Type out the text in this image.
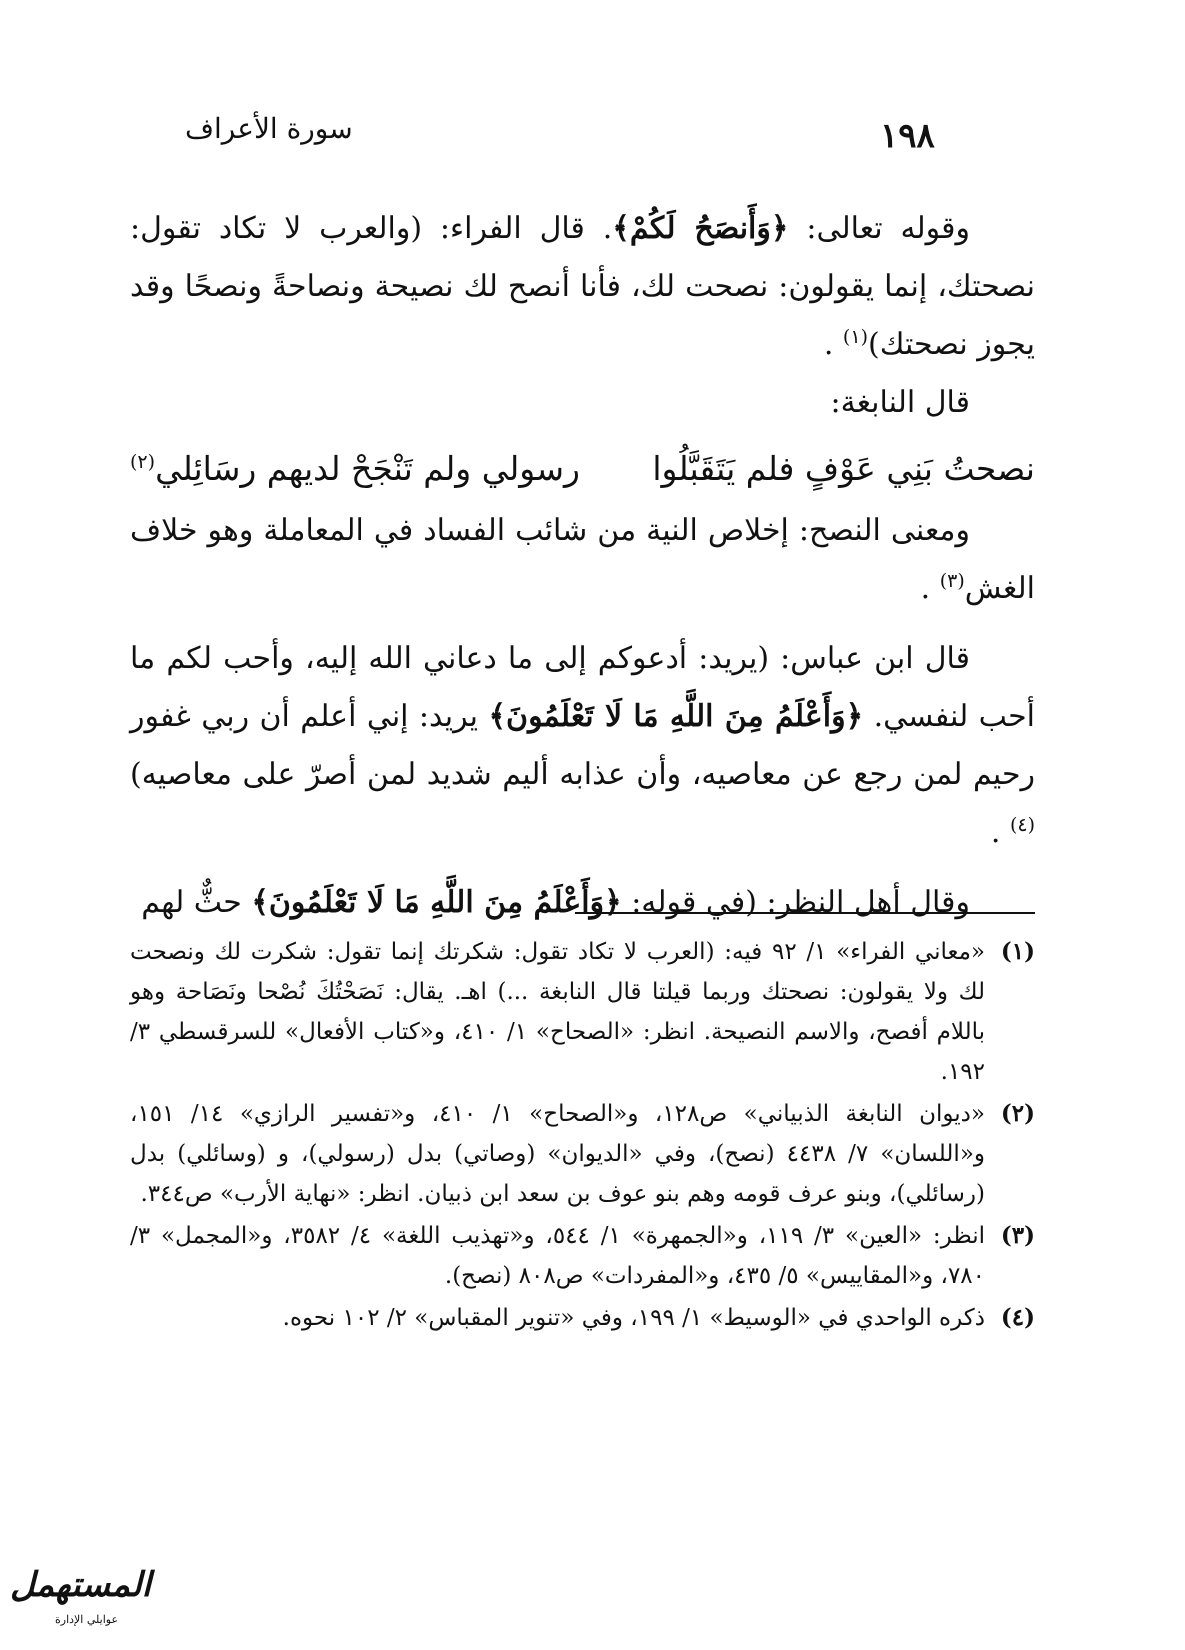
١٩٨
سورة الأعراف

وقوله تعالى: ﴿وَأَنصَحُ لَكُمْ﴾. قال الفراء: (والعرب لا تكاد تقول: نصحتك، إنما يقولون: نصحت لك، فأنا أنصح لك نصيحة ونصاحةً ونصحًا وقد يجوز نصحتك)$^{(١)}$ .

قال النابغة:

نصحتُ بَنِي عَوْفٍ فلم يَتَقَبَّلُوا
رسولي ولم تَنْجَحْ لديهم رسَائِلي$^{(٢)}$

ومعنى النصح: إخلاص النية من شائب الفساد في المعاملة وهو خلاف الغش$^{(٣)}$ .

قال ابن عباس: (يريد: أدعوكم إلى ما دعاني الله إليه، وأحب لكم ما أحب لنفسي. ﴿وَأَعْلَمُ مِنَ اللَّهِ مَا لَا تَعْلَمُونَ﴾ يريد: إني أعلم أن ربي غفور رحيم لمن رجع عن معاصيه، وأن عذابه أليم شديد لمن أصرّ على معاصيه)$^{(٤)}$ .

وقال أهل النظر: (في قوله: ﴿وَأَعْلَمُ مِنَ اللَّهِ مَا لَا تَعْلَمُونَ﴾ حثٌّ لهم

(١)
«معاني الفراء» ١/ ٩٢ فيه: (العرب لا تكاد تقول: شكرتك إنما تقول: شكرت لك ونصحت لك ولا يقولون: نصحتك وربما قيلتا قال النابغة ...) اهـ. يقال: نَصَحْتُكَ نُصْحا ونَصَاحة وهو باللام أفصح، والاسم النصيحة. انظر: «الصحاح» ١/ ٤١٠، و«كتاب الأفعال» للسرقسطي ٣/ ١٩٢.
(٢)
«ديوان النابغة الذبياني» ص١٢٨، و«الصحاح» ١/ ٤١٠، و«تفسير الرازي» ١٤/ ١٥١، و«اللسان» ٧/ ٤٤٣٨ (نصح)، وفي «الديوان» (وصاتي) بدل (رسولي)، و (وسائلي) بدل (رسائلي)، وبنو عرف قومه وهم بنو عوف بن سعد ابن ذبيان. انظر: «نهاية الأرب» ص٣٤٤.
(٣)
انظر: «العين» ٣/ ١١٩، و«الجمهرة» ١/ ٥٤٤، و«تهذيب اللغة» ٤/ ٣٥٨٢، و«المجمل» ٣/ ٧٨٠، و«المقاييس» ٥/ ٤٣٥، و«المفردات» ص٨٠٨ (نصح).
(٤)
ذكره الواحدي في «الوسيط» ١/ ١٩٩، وفي «تنوير المقباس» ٢/ ١٠٢ نحوه.
المستهمل
عوايلي الإدارة
